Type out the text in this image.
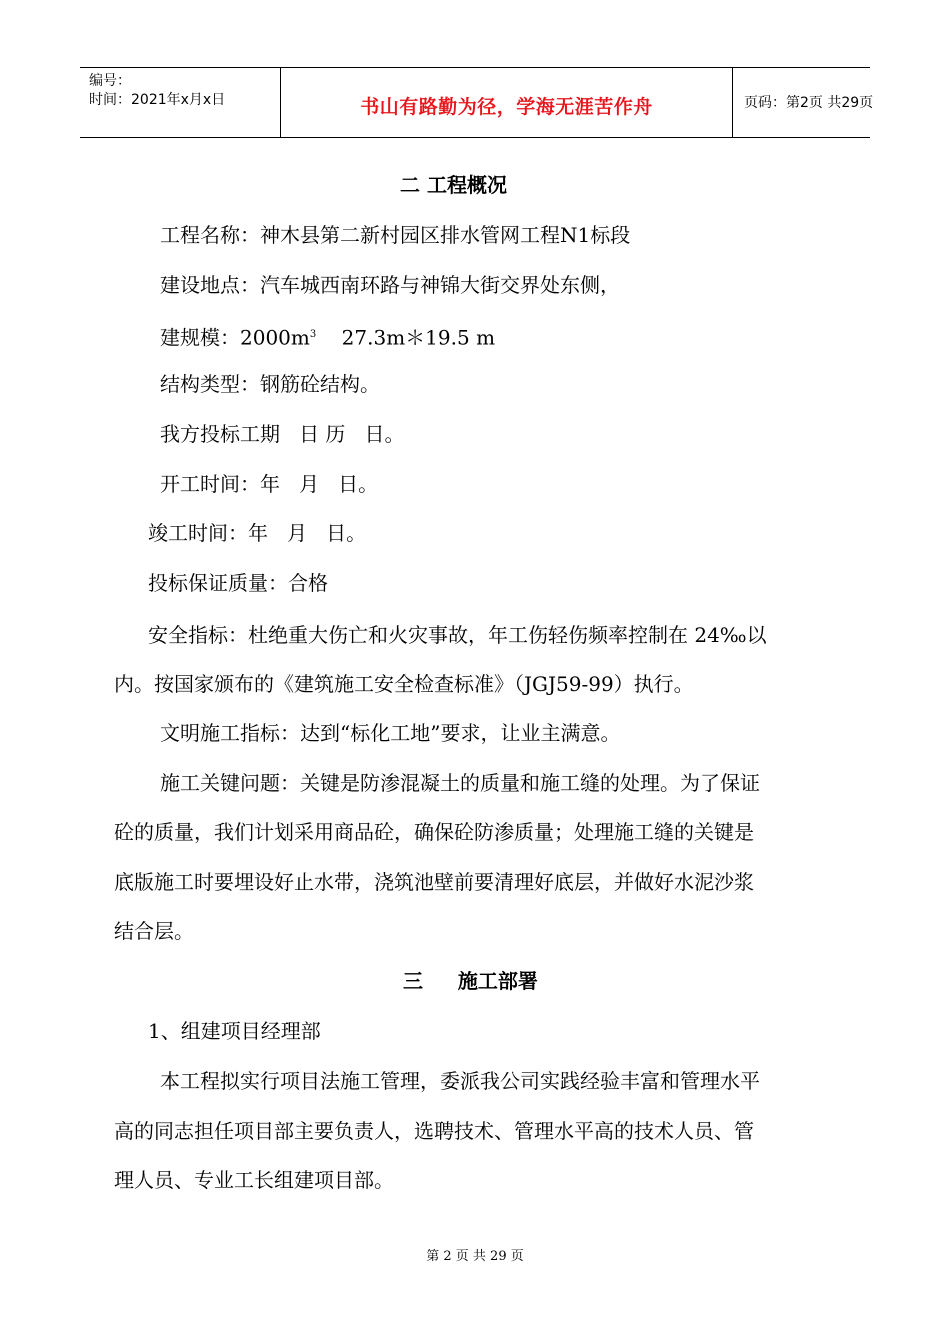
编号：
时间：2021年x月x日	书山有路勤为径，学海无涯苦作舟	页码：第2页 共29页
二 工程概况
工程名称：神木县第二新村园区排水管网工程N1标段
建设地点：汽车城西南环路与神锦大街交界处东侧，
建规模：$2000m^3$    27.3m＊19.5 m
结构类型：钢筋砼结构。
我方投标工期   日 历   日。
开工时间：年   月   日。
竣工时间：年   月   日。
投标保证质量：合格
安全指标：杜绝重大伤亡和火灾事故，年工伤轻伤频率控制在 24‰以
内。按国家颁布的《建筑施工安全检查标准》（JGJ59-99）执行。
文明施工指标：达到“标化工地”要求，让业主满意。
施工关键问题：关键是防渗混凝土的质量和施工缝的处理。为了保证
砼的质量，我们计划采用商品砼，确保砼防渗质量；处理施工缝的关键是
底版施工时要埋设好止水带，浇筑池壁前要清理好底层，并做好水泥沙浆
结合层。
三     施工部署
1、组建项目经理部
本工程拟实行项目法施工管理，委派我公司实践经验丰富和管理水平
高的同志担任项目部主要负责人，选聘技术、管理水平高的技术人员、管
理人员、专业工长组建项目部。
第 2 页 共 29 页
